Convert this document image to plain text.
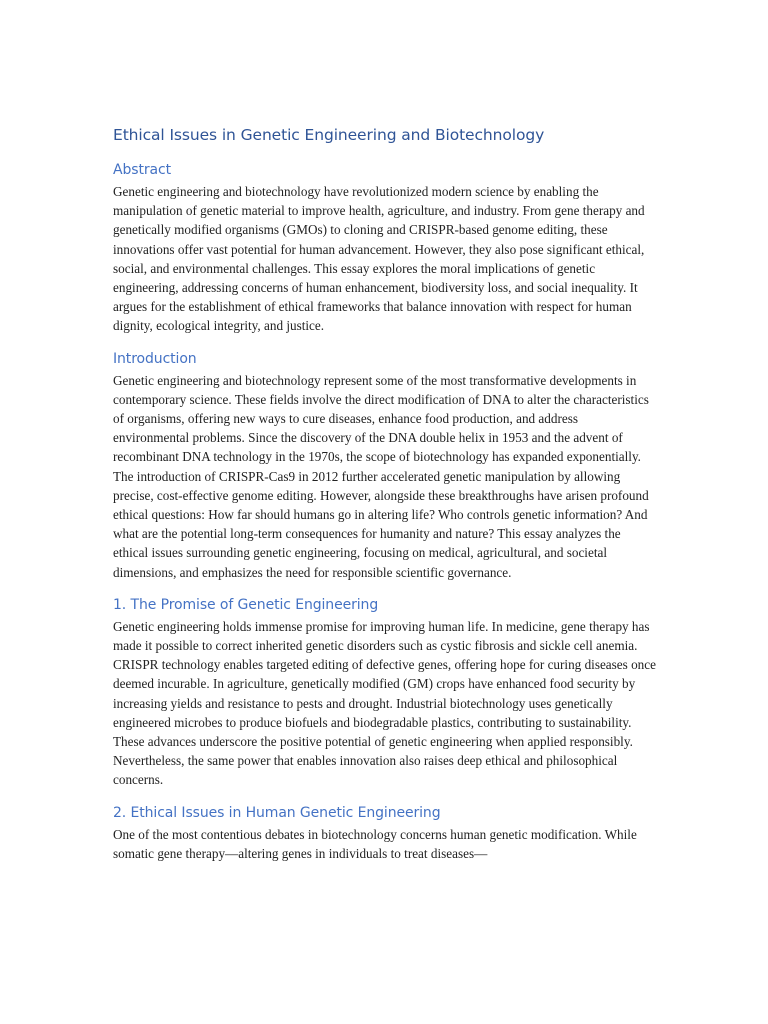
Ethical Issues in Genetic Engineering and Biotechnology
Abstract

Genetic engineering and biotechnology have revolutionized modern science by enabling the manipulation of genetic material to improve health, agriculture, and industry. From gene therapy and genetically modified organisms (GMOs) to cloning and CRISPR-based genome editing, these innovations offer vast potential for human advancement. However, they also pose significant ethical, social, and environmental challenges. This essay explores the moral implications of genetic engineering, addressing concerns of human enhancement, biodiversity loss, and social inequality. It argues for the establishment of ethical frameworks that balance innovation with respect for human dignity, ecological integrity, and justice.

Introduction

Genetic engineering and biotechnology represent some of the most transformative developments in contemporary science. These fields involve the direct modification of DNA to alter the characteristics of organisms, offering new ways to cure diseases, enhance food production, and address environmental problems. Since the discovery of the DNA double helix in 1953 and the advent of recombinant DNA technology in the 1970s, the scope of biotechnology has expanded exponentially. The introduction of CRISPR-Cas9 in 2012 further accelerated genetic manipulation by allowing precise, cost-effective genome editing. However, alongside these breakthroughs have arisen profound ethical questions: How far should humans go in altering life? Who controls genetic information? And what are the potential long-term consequences for humanity and nature? This essay analyzes the ethical issues surrounding genetic engineering, focusing on medical, agricultural, and societal dimensions, and emphasizes the need for responsible scientific governance.

1. The Promise of Genetic Engineering

Genetic engineering holds immense promise for improving human life. In medicine, gene therapy has made it possible to correct inherited genetic disorders such as cystic fibrosis and sickle cell anemia. CRISPR technology enables targeted editing of defective genes, offering hope for curing diseases once deemed incurable. In agriculture, genetically modified (GM) crops have enhanced food security by increasing yields and resistance to pests and drought. Industrial biotechnology uses genetically engineered microbes to produce biofuels and biodegradable plastics, contributing to sustainability. These advances underscore the positive potential of genetic engineering when applied responsibly. Nevertheless, the same power that enables innovation also raises deep ethical and philosophical concerns.

2. Ethical Issues in Human Genetic Engineering

One of the most contentious debates in biotechnology concerns human genetic modification. While somatic gene therapy—altering genes in individuals to treat diseases—
